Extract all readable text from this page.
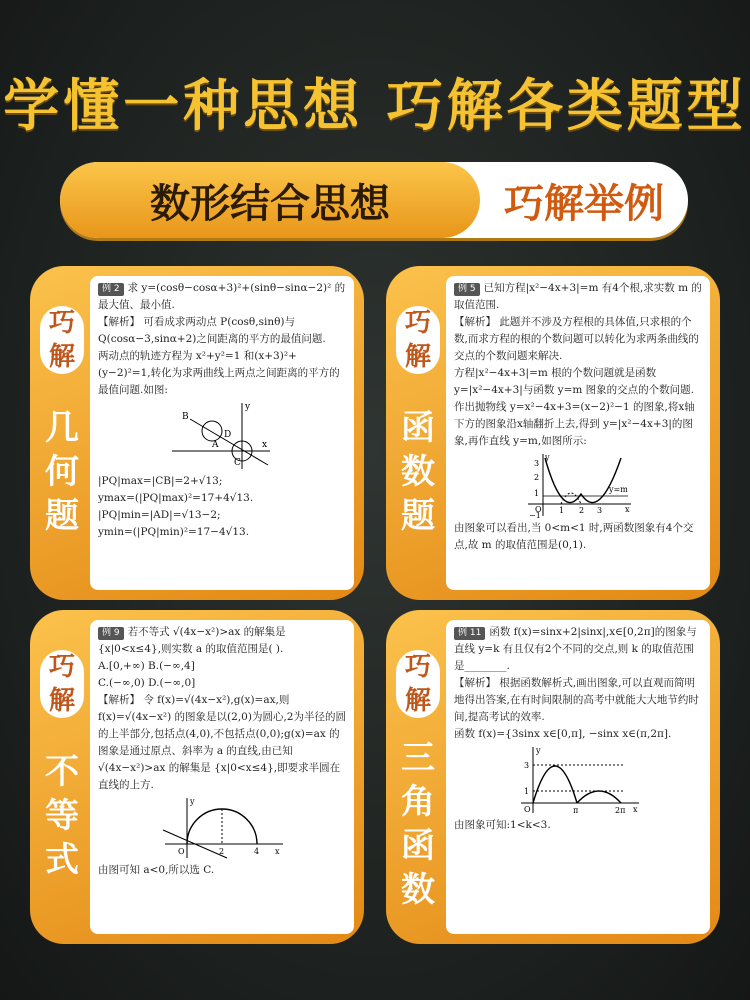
学懂一种思想 巧解各类题型
数形结合思想	巧解举例
巧
解
几
何
题

例 2 求 y=(cosθ−cosα+3)²+(sinθ−sinα−2)² 的最大值、最小值.

【解析】 可看成求两动点 P(cosθ,sinθ)与 Q(cosα−3,sinα+2)之间距离的平方的最值问题.

两动点的轨迹方程为 x²+y²=1 和(x+3)²+(y−2)²=1,转化为求两曲线上两点之间距离的平方的最值问题.如图:

B
D
A
C
x
y

|PQ|max=|CB|=2+√13;

ymax=(|PQ|max)²=17+4√13.

|PQ|min=|AD|=√13−2;

ymin=(|PQ|min)²=17−4√13.

巧
解
函
数
题

例 5 已知方程|x²−4x+3|=m 有4个根,求实数 m 的取值范围.

【解析】 此题并不涉及方程根的具体值,只求根的个数,而求方程的根的个数问题可以转化为求两条曲线的交点的个数问题来解决.

方程|x²−4x+3|=m 根的个数问题就是函数 y=|x²−4x+3|与函数 y=m 图象的交点的个数问题.

作出抛物线 y=x²−4x+3=(x−2)²−1 的图象,将x轴下方的图象沿x轴翻折上去,得到 y=|x²−4x+3|的图象,再作直线 y=m,如图所示:

y
3
2
1
O
−1
1 2 3	x
y=m

由图象可以看出,当 0<m<1 时,两函数图象有4个交点,故 m 的取值范围是(0,1).

巧
解
不
等
式

例 9 若不等式 √(4x−x²)>ax 的解集是 {x|0<x≤4},则实数 a 的取值范围是( ).

A.[0,+∞) B.(−∞,4]

C.(−∞,0) D.(−∞,0]

【解析】 令 f(x)=√(4x−x²),g(x)=ax,则 f(x)=√(4x−x²) 的图象是以(2,0)为圆心,2为半径的圆的上半部分,包括点(4,0),不包括点(0,0);g(x)=ax 的图象是通过原点、斜率为 a 的直线,由已知 √(4x−x²)>ax 的解集是 {x|0<x≤4},即要求半圆在直线的上方.

y
O	2	4 x

由图可知 a<0,所以选 C.

巧
解
三
角
函
数

例 11 函数 f(x)=sinx+2|sinx|,x∈[0,2π]的图象与直线 y=k 有且仅有2个不同的交点,则 k 的取值范围是________.

【解析】 根据函数解析式,画出图象,可以直观而简明地得出答案,在有时间限制的高考中就能大大地节约时间,提高考试的效率.

函数 f(x)={3sinx x∈[0,π], −sinx x∈(π,2π].

y
3
1
O	π	2π x

由图象可知:1<k<3.
